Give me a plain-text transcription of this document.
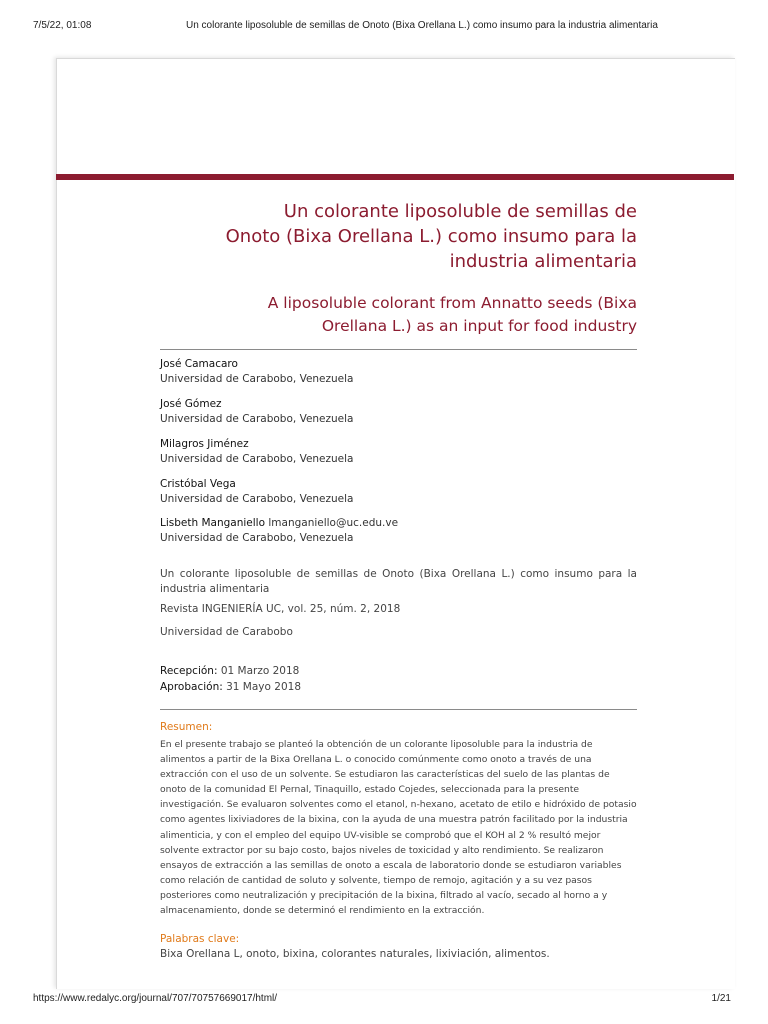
7/5/22, 01:08	Un colorante liposoluble de semillas de Onoto (Bixa Orellana L.) como insumo para la industria alimentaria
Un colorante liposoluble de semillas de
Onoto (Bixa Orellana L.) como insumo para la
industria alimentaria
A liposoluble colorant from Annatto seeds (Bixa
Orellana L.) as an input for food industry
José Camacaro
Universidad de Carabobo, Venezuela
José Gómez
Universidad de Carabobo, Venezuela
Milagros Jiménez
Universidad de Carabobo, Venezuela
Cristóbal Vega
Universidad de Carabobo, Venezuela
Lisbeth Manganiello lmanganiello@uc.edu.ve
Universidad de Carabobo, Venezuela
Un colorante liposoluble de semillas de Onoto (Bixa Orellana L.) como insumo para la industria alimentaria
Revista INGENIERÍA UC, vol. 25, núm. 2, 2018
Universidad de Carabobo
Recepción: 01 Marzo 2018
Aprobación: 31 Mayo 2018
Resumen:
En el presente trabajo se planteó la obtención de un colorante liposoluble para la industria de
alimentos a partir de la Bixa Orellana L. o conocido comúnmente como onoto a través de una
extracción con el uso de un solvente. Se estudiaron las características del suelo de las plantas de
onoto de la comunidad El Pernal, Tinaquillo, estado Cojedes, seleccionada para la presente
investigación. Se evaluaron solventes como el etanol, n-hexano, acetato de etilo e hidróxido de potasio
como agentes lixiviadores de la bixina, con la ayuda de una muestra patrón facilitado por la industria
alimenticia, y con el empleo del equipo UV-visible se comprobó que el KOH al 2 % resultó mejor
solvente extractor por su bajo costo, bajos niveles de toxicidad y alto rendimiento. Se realizaron
ensayos de extracción a las semillas de onoto a escala de laboratorio donde se estudiaron variables
como relación de cantidad de soluto y solvente, tiempo de remojo, agitación y a su vez pasos
posteriores como neutralización y precipitación de la bixina, filtrado al vacío, secado al horno a y
almacenamiento, donde se determinó el rendimiento en la extracción.
Palabras clave:
Bixa Orellana L, onoto, bixina, colorantes naturales, lixiviación, alimentos.
https://www.redalyc.org/journal/707/70757669017/html/	1/21
